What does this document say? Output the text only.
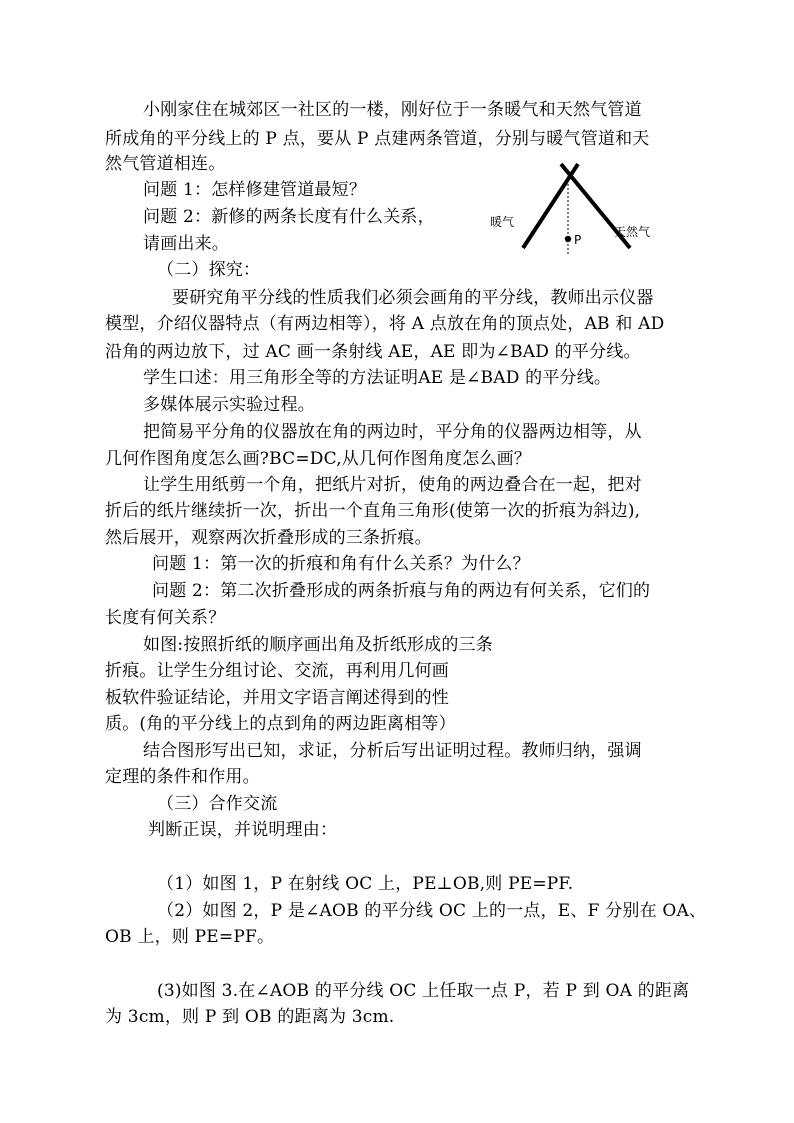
小刚家住在城郊区一社区的一楼，刚好位于一条暖气和天然气管道
所成角的平分线上的 P 点，要从 P 点建两条管道，分别与暖气管道和天
然气管道相连。
问题 1：怎样修建管道最短？
问题 2：新修的两条长度有什么关系，
请画出来。
（二）探究：
要研究角平分线的性质我们必须会画角的平分线，教师出示仪器
模型，介绍仪器特点（有两边相等），将 A 点放在角的顶点处，AB 和 AD
沿角的两边放下，过 AC 画一条射线 AE，AE 即为∠BAD 的平分线。
学生口述：用三角形全等的方法证明AE 是∠BAD 的平分线。
多媒体展示实验过程。
把简易平分角的仪器放在角的两边时，平分角的仪器两边相等，从
几何作图角度怎么画?BC=DC,从几何作图角度怎么画？
让学生用纸剪一个角，把纸片对折，使角的两边叠合在一起，把对
折后的纸片继续折一次，折出一个直角三角形(使第一次的折痕为斜边),
然后展开，观察两次折叠形成的三条折痕。
问题 1：第一次的折痕和角有什么关系？为什么？
问题 2：第二次折叠形成的两条折痕与角的两边有何关系，它们的
长度有何关系？
如图:按照折纸的顺序画出角及折纸形成的三条
折痕。让学生分组讨论、交流，再利用几何画
板软件验证结论，并用文字语言阐述得到的性
质。(角的平分线上的点到角的两边距离相等）
结合图形写出已知，求证，分析后写出证明过程。教师归纳，强调
定理的条件和作用。
（三）合作交流
判断正误，并说明理由：
（1）如图 1，P 在射线 OC 上，PE⊥OB,则 PE=PF.
（2）如图 2，P 是∠AOB 的平分线 OC 上的一点，E、F 分别在 OA、
OB 上，则 PE=PF。
(3)如图 3.在∠AOB 的平分线 OC 上任取一点 P，若 P 到 OA 的距离
为 3cm，则 P 到 OB 的距离为 3cm.
暖气
天然气
P
